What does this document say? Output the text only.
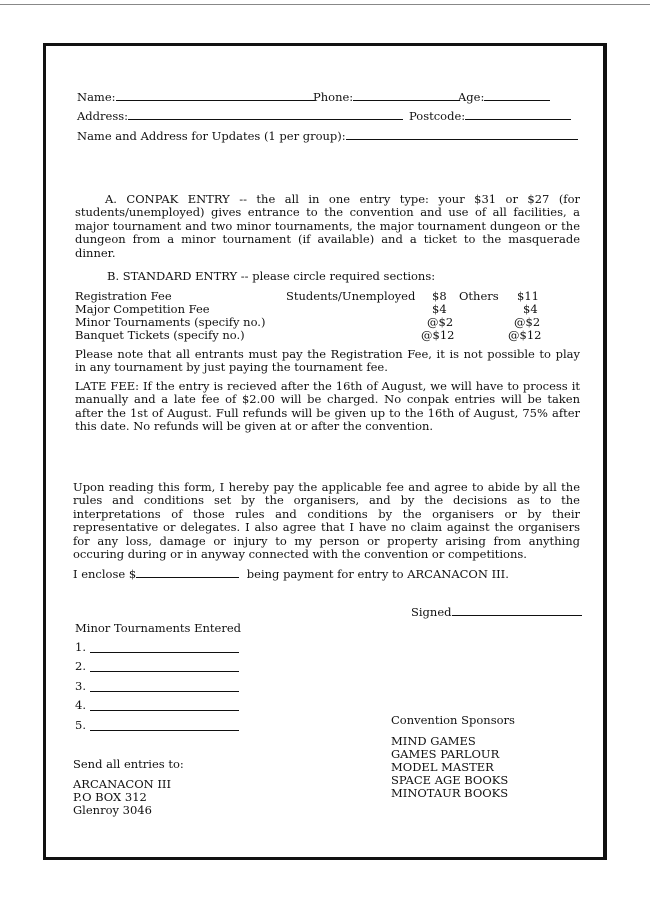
Name:	Phone:	Age:
Address:	Postcode:
Name and Address for Updates (1 per group):
A. CONPAK ENTRY -- the all in one entry type: your $31 or $27 (for students/unemployed) gives entrance to the convention and use of all facilities, a major tournament and two minor tournaments, the major tournament dungeon or the dungeon from a minor tournament (if available) and a ticket to the masquerade dinner.
B. STANDARD ENTRY -- please circle required sections:
Registration Fee	Students/Unemployed $8 Others $11
Major Competition Fee	$4	$4
Minor Tournaments (specify no.)	@$2	@$2
Banquet Tickets (specify no.)	@$12	@$12
Please note that all entrants must pay the Registration Fee, it is not possible to play in any tournament by just paying the tournament fee.
LATE FEE: If the entry is recieved after the 16th of August, we will have to process it manually and a late fee of $2.00 will be charged. No conpak entries will be taken after the 1st of August. Full refunds will be given up to the 16th of August, 75% after this date. No refunds will be given at or after the convention.
Upon reading this form, I hereby pay the applicable fee and agree to abide by all the rules and conditions set by the organisers, and by the decisions as to the interpretations of those rules and conditions by the organisers or by their representative or delegates. I also agree that I have no claim against the organisers for any loss, damage or injury to my person or property arising from anything occuring during or in anyway connected with the convention or competitions.
I enclose $	being payment for entry to ARCANACON III.
Signed
Minor Tournaments Entered
1.
2.
3.
4.
5.	Convention Sponsors
MIND GAMES
GAMES PARLOUR
MODEL MASTER
SPACE AGE BOOKS
MINOTAUR BOOKS
Send all entries to:
ARCANACON III
P.O BOX 312
Glenroy 3046
